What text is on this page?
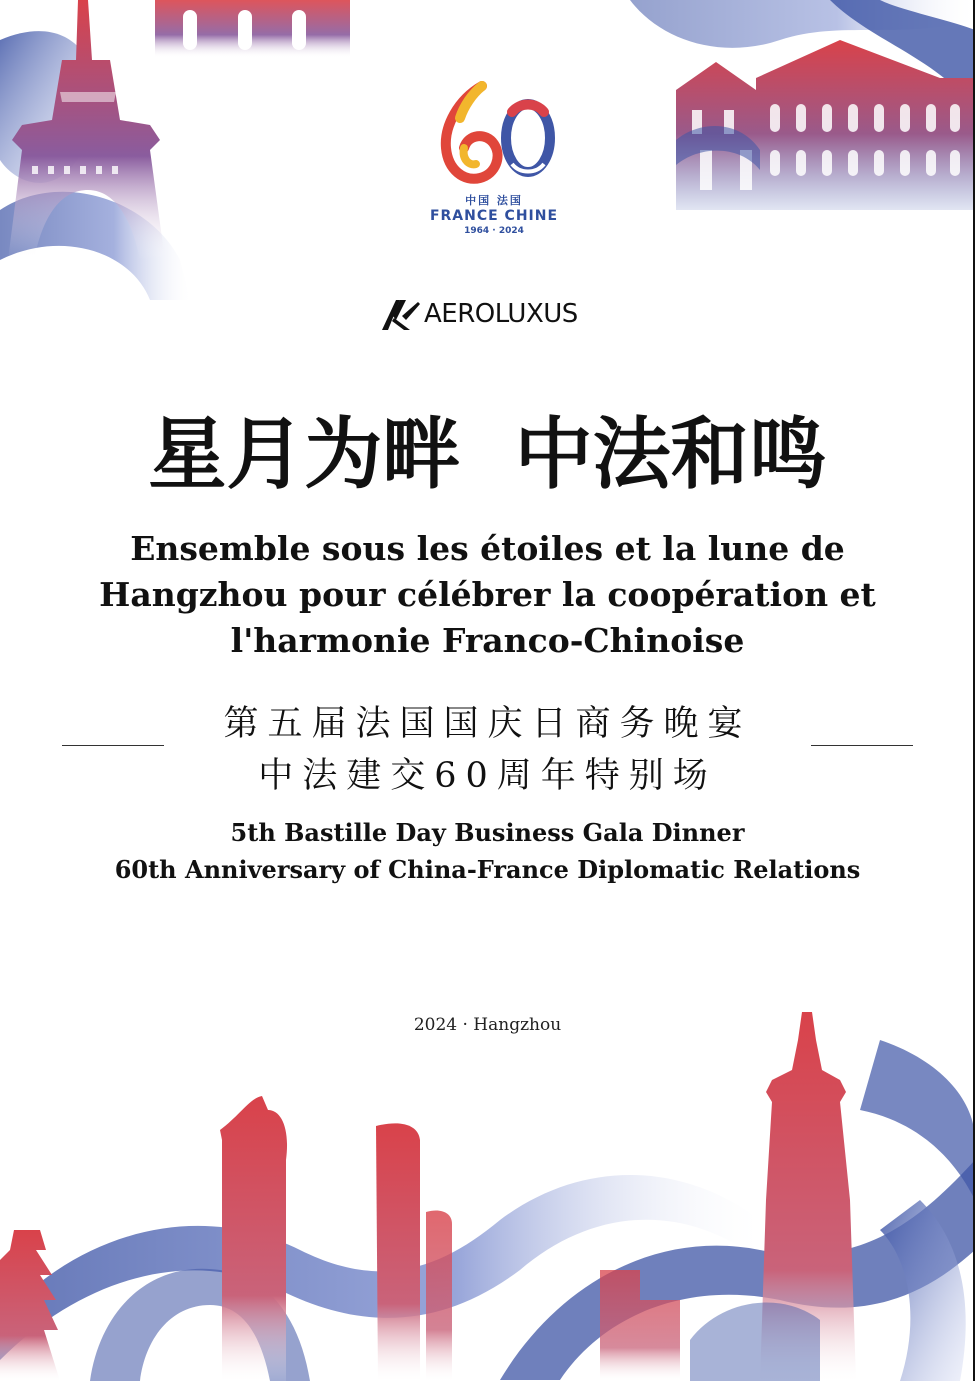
中国 法国
FRANCE CHINE
1964 · 2024
AEROLUXUS
星月为畔  中法和鸣
Ensemble sous les étoiles et la lune de
Hangzhou pour célébrer la coopération et
l'harmonie Franco-Chinoise
第五届法国国庆日商务晚宴
中法建交60周年特别场
5th Bastille Day Business Gala Dinner
60th Anniversary of China-France Diplomatic Relations
2024 · Hangzhou
